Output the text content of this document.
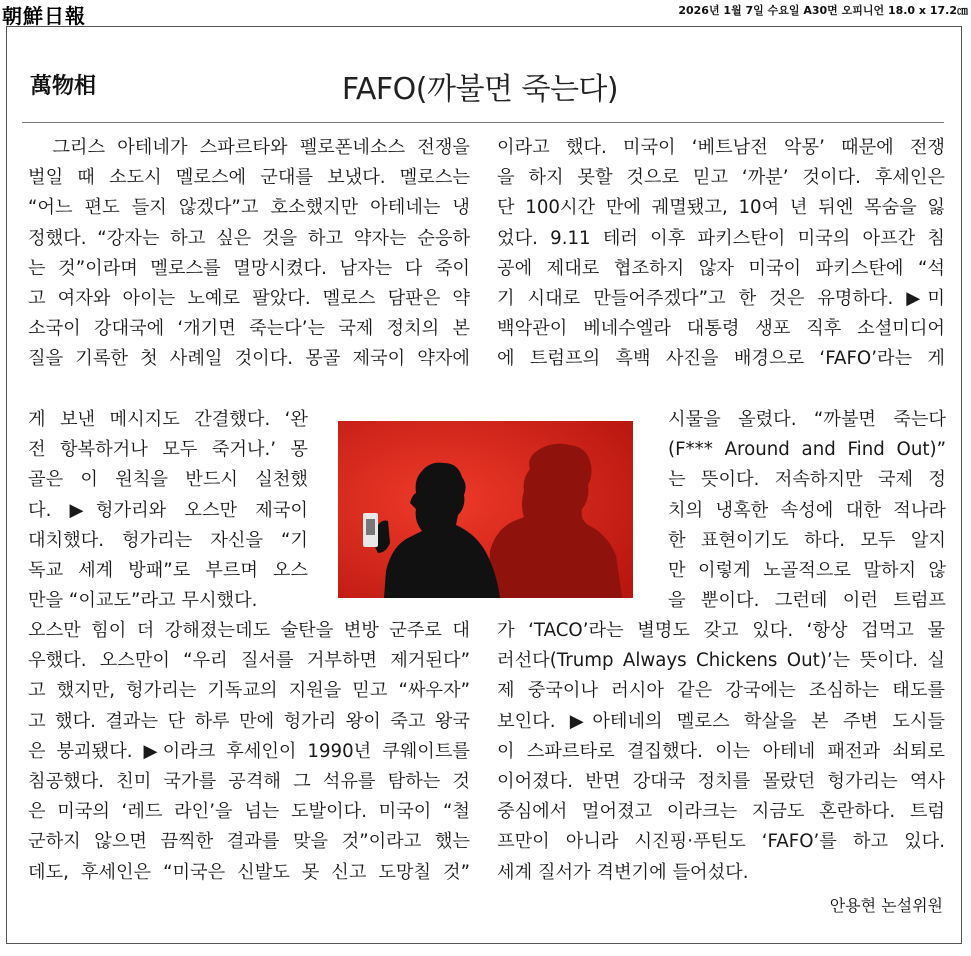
朝鮮日報	2026년 1월 7일 수요일 A30면 오피니언 18.0 x 17.2㎝
萬物相	FAFO(까불면 죽는다)
그리스 아테네가 스파르타와 펠로폰네소스 전쟁을
벌일 때 소도시 멜로스에 군대를 보냈다. 멜로스는
“어느 편도 들지 않겠다”고 호소했지만 아테네는 냉
정했다. “강자는 하고 싶은 것을 하고 약자는 순응하
는 것”이라며 멜로스를 멸망시켰다. 남자는 다 죽이
고 여자와 아이는 노예로 팔았다. 멜로스 담판은 약
소국이 강대국에 ‘개기면 죽는다’는 국제 정치의 본
질을 기록한 첫 사례일 것이다. 몽골 제국이 약자에
게 보낸 메시지도 간결했다. ‘완
전 항복하거나 모두 죽거나.’ 몽
골은 이 원칙을 반드시 실천했
다. ▶헝가리와 오스만 제국이
대치했다. 헝가리는 자신을 “기
독교 세계 방패”로 부르며 오스
만을 “이교도”라고 무시했다.
오스만 힘이 더 강해졌는데도 술탄을 변방 군주로 대
우했다. 오스만이 “우리 질서를 거부하면 제거된다”
고 했지만, 헝가리는 기독교의 지원을 믿고 “싸우자”
고 했다. 결과는 단 하루 만에 헝가리 왕이 죽고 왕국
은 붕괴됐다. ▶이라크 후세인이 1990년 쿠웨이트를
침공했다. 친미 국가를 공격해 그 석유를 탐하는 것
은 미국의 ‘레드 라인’을 넘는 도발이다. 미국이 “철
군하지 않으면 끔찍한 결과를 맞을 것”이라고 했는
데도, 후세인은 “미국은 신발도 못 신고 도망칠 것”
이라고 했다. 미국이 ‘베트남전 악몽’ 때문에 전쟁
을 하지 못할 것으로 믿고 ‘까분’ 것이다. 후세인은
단 100시간 만에 궤멸됐고, 10여 년 뒤엔 목숨을 잃
었다. 9.11 테러 이후 파키스탄이 미국의 아프간 침
공에 제대로 협조하지 않자 미국이 파키스탄에 “석
기 시대로 만들어주겠다”고 한 것은 유명하다. ▶미
백악관이 베네수엘라 대통령 생포 직후 소셜미디어
에 트럼프의 흑백 사진을 배경으로 ‘FAFO’라는 게
시물을 올렸다. “까불면 죽는다
(F*** Around and Find Out)”
는 뜻이다. 저속하지만 국제 정
치의 냉혹한 속성에 대한 적나라
한 표현이기도 하다. 모두 알지
만 이렇게 노골적으로 말하지 않
을 뿐이다. 그런데 이런 트럼프
가 ‘TACO’라는 별명도 갖고 있다. ‘항상 겁먹고 물
러선다(Trump Always Chickens Out)’는 뜻이다. 실
제 중국이나 러시아 같은 강국에는 조심하는 태도를
보인다. ▶아테네의 멜로스 학살을 본 주변 도시들
이 스파르타로 결집했다. 이는 아테네 패전과 쇠퇴로
이어졌다. 반면 강대국 정치를 몰랐던 헝가리는 역사
중심에서 멀어졌고 이라크는 지금도 혼란하다. 트럼
프만이 아니라 시진핑·푸틴도 ‘FAFO’를 하고 있다.
세계 질서가 격변기에 들어섰다.
안용현 논설위원
